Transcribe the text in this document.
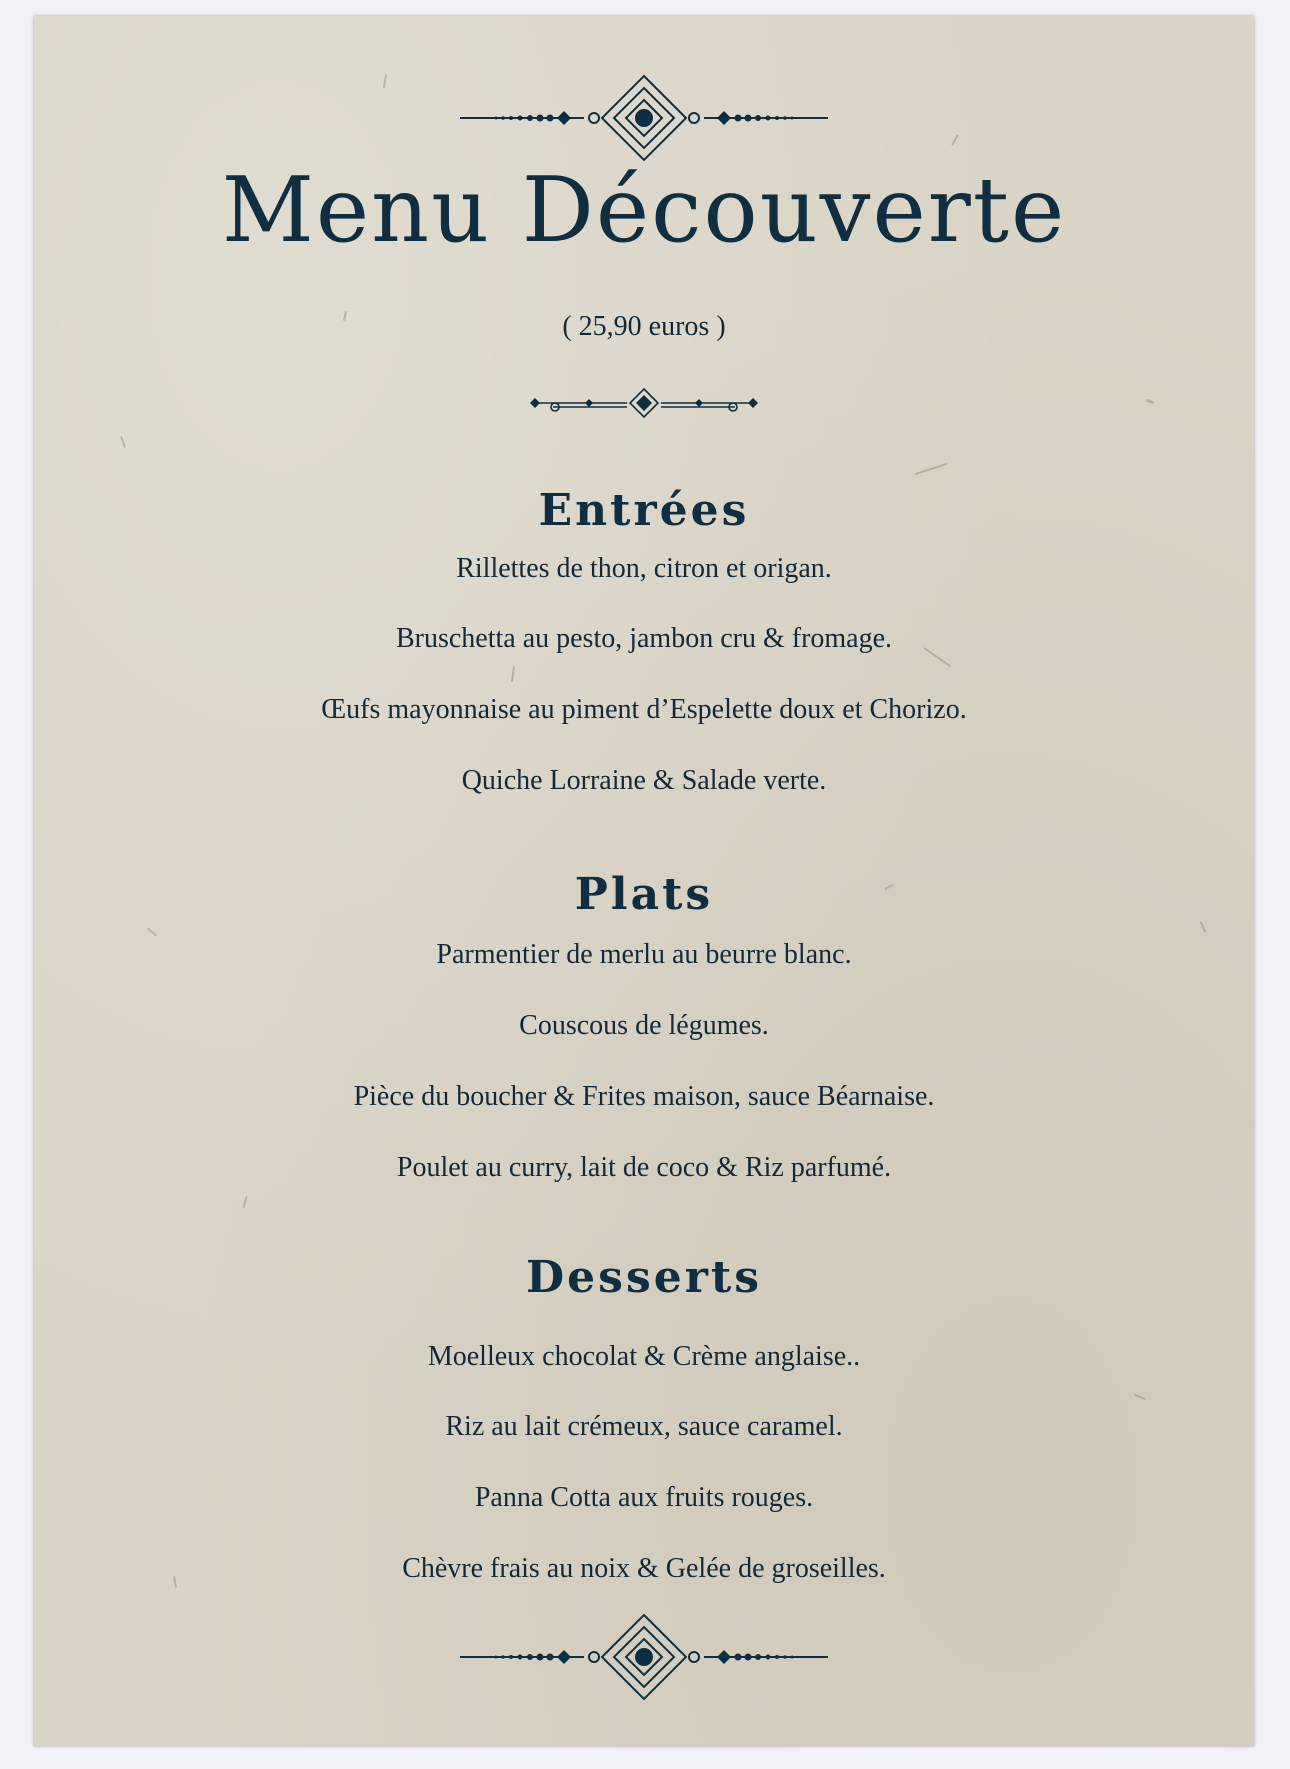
Menu Découverte
( 25,90 euros )
Entrées
Rillettes de thon, citron et origan.
Bruschetta au pesto, jambon cru & fromage.
Œufs mayonnaise au piment d’Espelette doux et Chorizo.
Quiche Lorraine & Salade verte.
Plats
Parmentier de merlu au beurre blanc.
Couscous de légumes.
Pièce du boucher & Frites maison, sauce Béarnaise.
Poulet au curry, lait de coco & Riz parfumé.
Desserts
Moelleux chocolat & Crème anglaise..
Riz au lait crémeux, sauce caramel.
Panna Cotta aux fruits rouges.
Chèvre frais au noix & Gelée de groseilles.
